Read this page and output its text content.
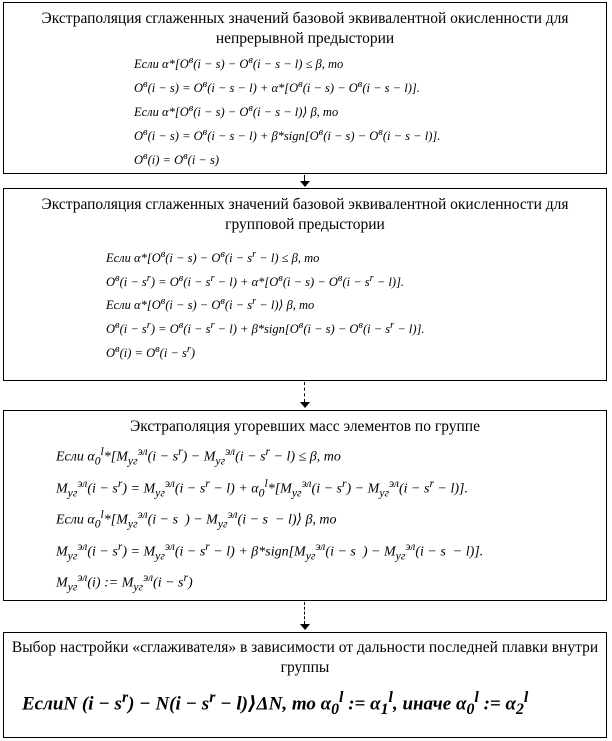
Экстраполяция сглаженных значений базовой эквивалентной окисленности для непрерывной предыстории
Если $\alpha*[O^в(i - s) - O^в(i - s - l) \le \beta$, то
$O^в(i - s) = O^в(i - s - l) + \alpha*[O^в(i - s) - O^в(i - s - l)]$.
Если $\alpha*[O^в(i - s) - O^в(i - s$ − l)⟩ β, то
$O^в(i - s) = O^в(i - s - l)$ + $\beta*sign[O^в(i - s) - O^в(i - s - l)]$.
$O^в(i) = O^в(i - s)$
Экстраполяция сглаженных значений базовой эквивалентной окисленности для групповой предыстории
Если $\alpha*[O^в(i - s) - O^в(i - s^r - l) \le \beta$, то
$O^в(i - s^r) = O^в(i - s^r - l) + \alpha*[O^в(i - s) - O^в(i - s^r - l)]$.
Если $\alpha*[O^в(i - s) - O^в(i - s^r$ − l)⟩ β, то
$O^в(i - s^r) = O^в(i - s^r - l)$ + $\beta*sign[O^в(i - s) - O^в(i - s^r - l)]$.
$O^в(i) = O^в(i - s^r)$
Экстраполяция угоревших масс элементов по группе
Если $\alpha_0^l*[M_{уг}^{эл}(i - s^r) - M_{уг}^{эл}(i - s^r - l) \le \beta$, то
$M_{уг}^{эл}(i - s^r) = M_{уг}^{эл}(i - s^r - l) + \alpha_0^l*[M_{уг}^{эл}(i - s^r) - M_{уг}^{эл}(i - s^r - l)]$.
Если $\alpha_0^l*[M_{уг}^{эл}(i - s$  ) − $M_{уг}^{эл}(i - s$  − l)⟩ β, то
$M_{уг}^{эл}(i - s^r) = M_{уг}^{эл}(i - s^r - l)$ + $\beta*sign[M_{уг}^{эл}(i - s$  ) − $M_{уг}^{эл}(i - s - l)$].
$M_{уг}^{эл}(i)$ := $M_{уг}^{эл}(i - s^r)$
Выбор настройки «сглаживателя» в зависимости от дальности последней плавки внутри группы
ЕслиN $(i - s^r) - N(i - s^r$ − l)⟩ΔN, то $\alpha_0^l$ := $\alpha_1^l$, иначе $\alpha_0^l$ := $\alpha_2^l$
